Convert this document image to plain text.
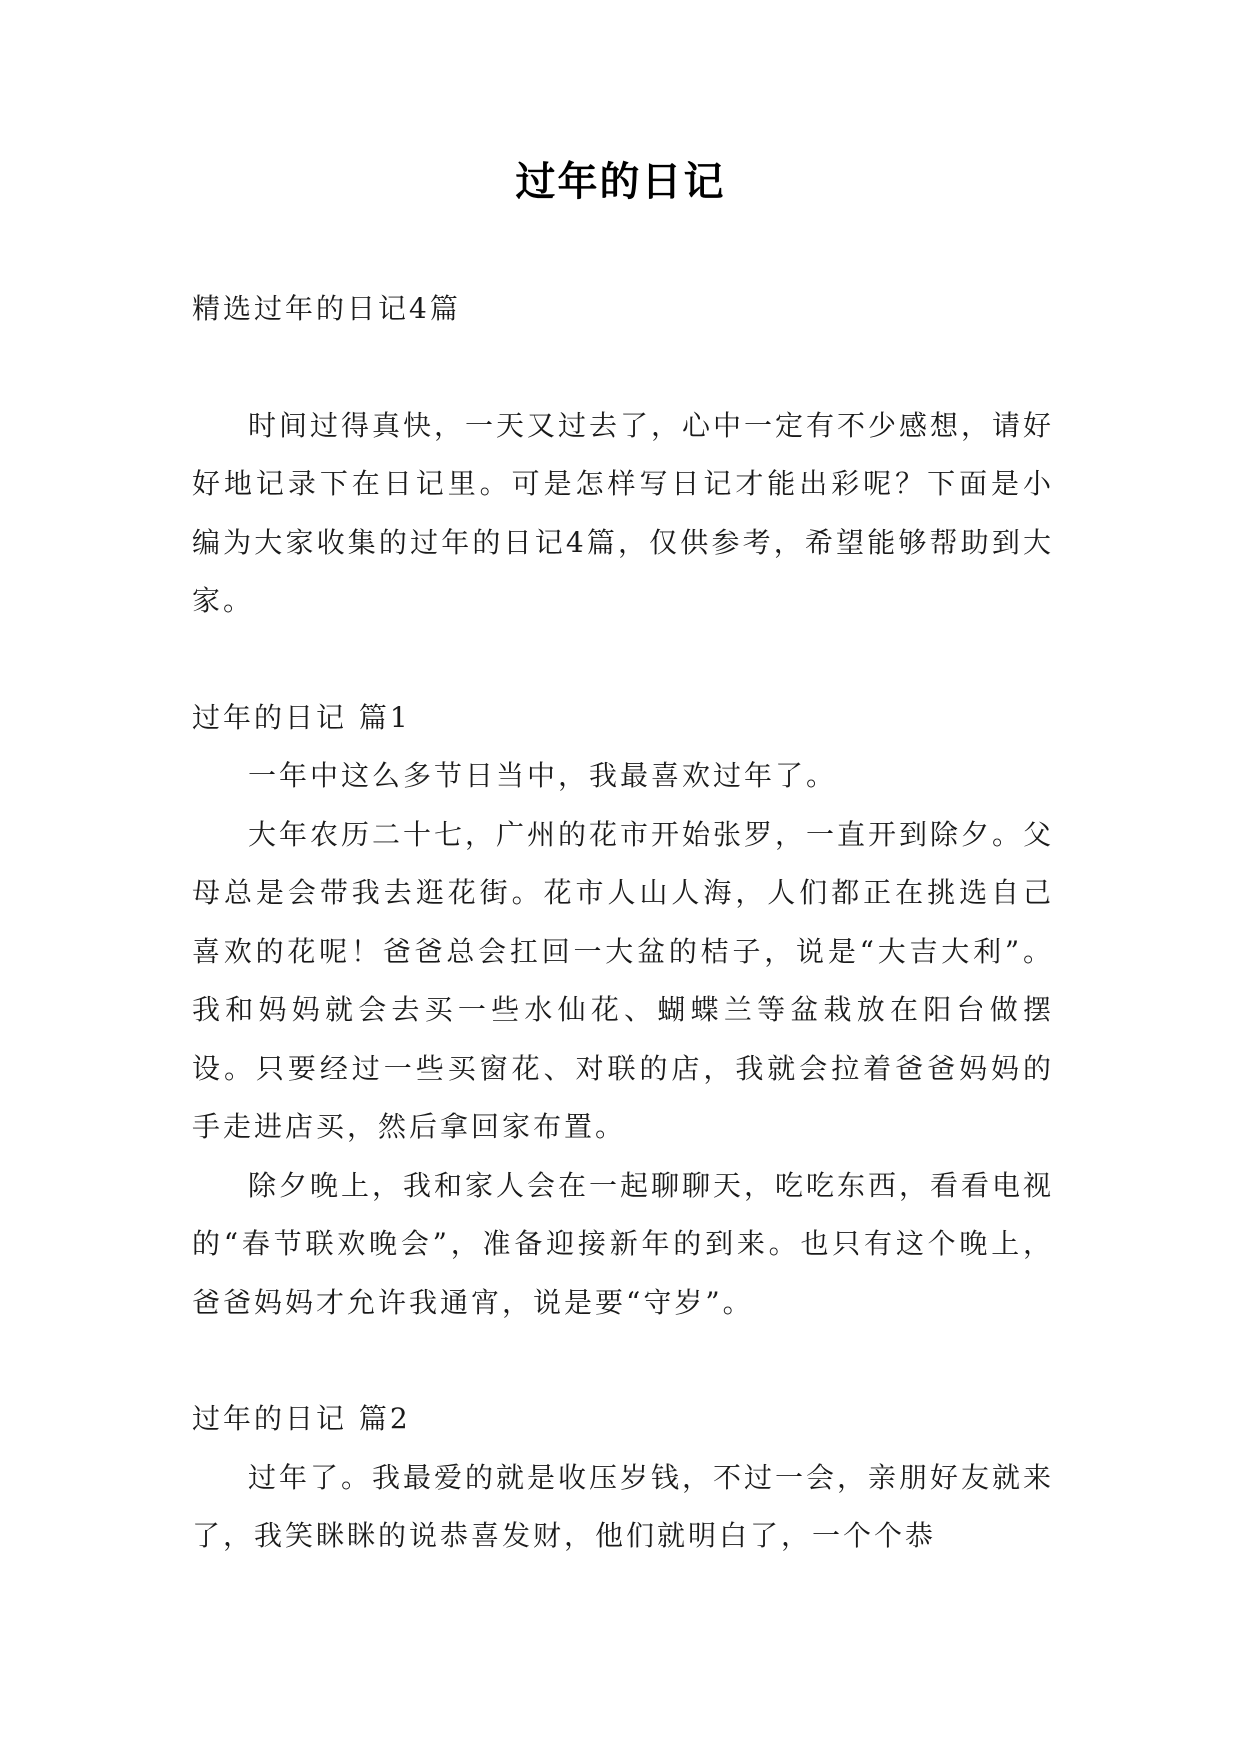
过年的日记

精选过年的日记4篇

时间过得真快，一天又过去了，心中一定有不少感想，请好好地记录下在日记里。可是怎样写日记才能出彩呢？下面是小编为大家收集的过年的日记4篇，仅供参考，希望能够帮助到大家。

过年的日记 篇1

一年中这么多节日当中，我最喜欢过年了。

大年农历二十七，广州的花市开始张罗，一直开到除夕。父母总是会带我去逛花街。花市人山人海，人们都正在挑选自己喜欢的花呢！爸爸总会扛回一大盆的桔子，说是“大吉大利”。我和妈妈就会去买一些水仙花、蝴蝶兰等盆栽放在阳台做摆设。只要经过一些买窗花、对联的店，我就会拉着爸爸妈妈的手走进店买，然后拿回家布置。

除夕晚上，我和家人会在一起聊聊天，吃吃东西，看看电视的“春节联欢晚会”，准备迎接新年的到来。也只有这个晚上，爸爸妈妈才允许我通宵，说是要“守岁”。

过年的日记 篇2

过年了。我最爱的就是收压岁钱，不过一会，亲朋好友就来了，我笑眯眯的说恭喜发财，他们就明白了，一个个恭
